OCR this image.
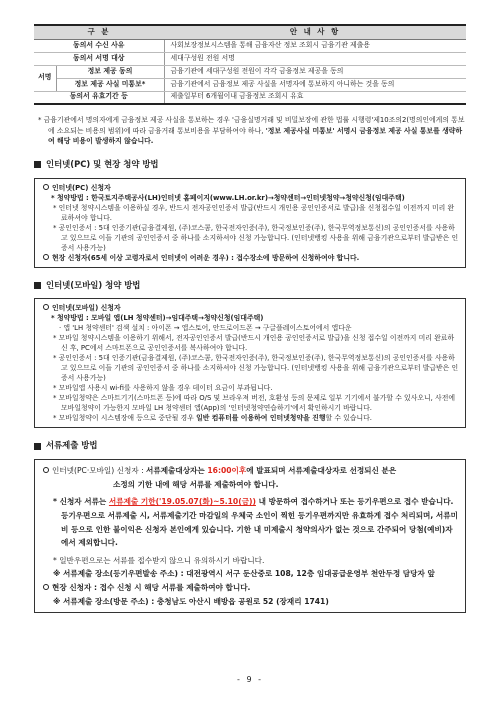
구 분		안 내 사 항
동의서 수신 사유		사회보장정보시스템을 통해 금융자산 정보 조회시 금융기관 제출용
동의서 서명 대상		세대구성원 전원 서명
서명	정보 제공 동의	금융기관에 세대구성원 전원이 각각 금융정보 제공을 동의
	정보 제공 사실 미통보*	금융기관에서 금융정보 제공 사실을 서명자에 통보하지 아니하는 것을 동의
동의서 유효기간 등		제출일부터 6개월이내 금융정보 조회시 유효
* 금융기관에서 명의자에게 금융정보 제공 사실을 통보하는 경우 '금융실명거래 및 비밀보장에 관한 법률 시행령'제10조의2(명의인에게의 통보에 소요되는 비용의 범위)에 따라 금융거래 통보비용을 부담하여야 하나, '정보 제공사실 미통보' 서명시 금융정보 제공 사실 통보를 생략하여 해당 비용이 발생하지 않습니다.
인터넷(PC) 및 현장 청약 방법
인터넷(PC) 신청자
* 청약방법 : 한국토지주택공사(LH)인터넷 홈페이지(www.LH.or.kr)→청약센터→인터넷청약→청약신청(임대주택)
* 인터넷 청약시스템을 이용하실 경우, 반드시 전자공인인증서 발급(반드시 개인용 공인인증서로 발급)을 신청접수일 이전까지 미리 완료하셔야 합니다.
* 공인인증서 : 5대 인증기관(금융결제원, (주)코스콤, 한국전자인증(주), 한국정보인증(주), 한국무역정보통신)의 공인인증서를 사용하고 있으므로 이들 기관의 공인인증서 중 하나를 소지하셔야 신청 가능합니다. (인터넷뱅킹 사용을 위해 금융기관으로부터 발급받은 인증서 사용가능)
현장 신청자(65세 이상 고령자로서 인터넷이 어려운 경우) : 접수장소에 방문하여 신청하여야 합니다.
인터넷(모바일) 청약 방법
인터넷(모바일) 신청자
* 청약방법 : 모바일 앱(LH 청약센터)→임대주택→청약신청(임대주택)
· 앱 'LH 청약센터' 검색 설치 : 아이폰 → 앱스토어, 안드로이드폰 → 구글플레이스토어에서 앱다운
* 모바일 청약시스템을 이용하기 위해서, 전자공인인증서 발급(반드시 개인용 공인인증서로 발급)을 신청 접수일 이전까지 미리 완료하신 후, PC에서 스마트폰으로 공인인증서를 복사하여야 합니다.
* 공인인증서 : 5대 인증기관(금융결제원, (주)코스콤, 한국전자인증(주), 한국정보인증(주), 한국무역정보통신)의 공인인증서를 사용하고 있으므로 이들 기관의 공인인증서 중 하나를 소지하셔야 신청 가능합니다. (인터넷뱅킹 사용을 위해 금융기관으로부터 발급받은 인증서 사용가능)
* 모바일앱 사용시 wi-fi를 사용하지 않을 경우 데이터 요금이 부과됩니다.
* 모바일청약은 스마트기기(스마트폰 등)에 따라 O/S 및 브라우져 버전, 호환성 등의 문제로 일부 기기에서 불가할 수 있사오니, 사전에 모바일청약이 가능한지 모바일 LH 청약센터 앱(App)의 '인터넷청약연습하기'에서 확인하시기 바랍니다.
* 모바일청약이 시스템장애 등으로 중단될 경우 일반 컴퓨터를 이용하여 인터넷청약을 진행할 수 있습니다.
서류제출 방법
인터넷(PC·모바일) 신청자 : 서류제출대상자는 16:00이후에 발표되며 서류제출대상자로 선정되신 분은
소정의 기한 내에 해당 서류를 제출하여야 합니다.
* 신청자 서류는 서류제출 기한('19.05.07(화)~5.10(금)) 내 방문하여 접수하거나 또는 등기우편으로 접수 받습니다. 등기우편으로 서류제출 시, 서류제출기간 마감일의 우체국 소인이 찍힌 등기우편까지만 유효하게 접수 처리되며, 서류미비 등으로 인한 불이익은 신청자 본인에게 있습니다. 기한 내 미제출시 청약의사가 없는 것으로 간주되어 당첨(예비)자에서 제외합니다.
* 일반우편으로는 서류를 접수받지 않으니 유의하시기 바랍니다.
※ 서류제출 장소(등기우편발송 주소) : 대전광역시 서구 둔산중로 108, 12층 임대공급운영부 천안두정 담당자 앞
현장 신청자 : 접수 신청 시 해당 서류를 제출하여야 합니다.
※ 서류제출 장소(방문 주소) : 충청남도 아산시 배방읍 공원로 52 (장재리 1741)
- 9 -
